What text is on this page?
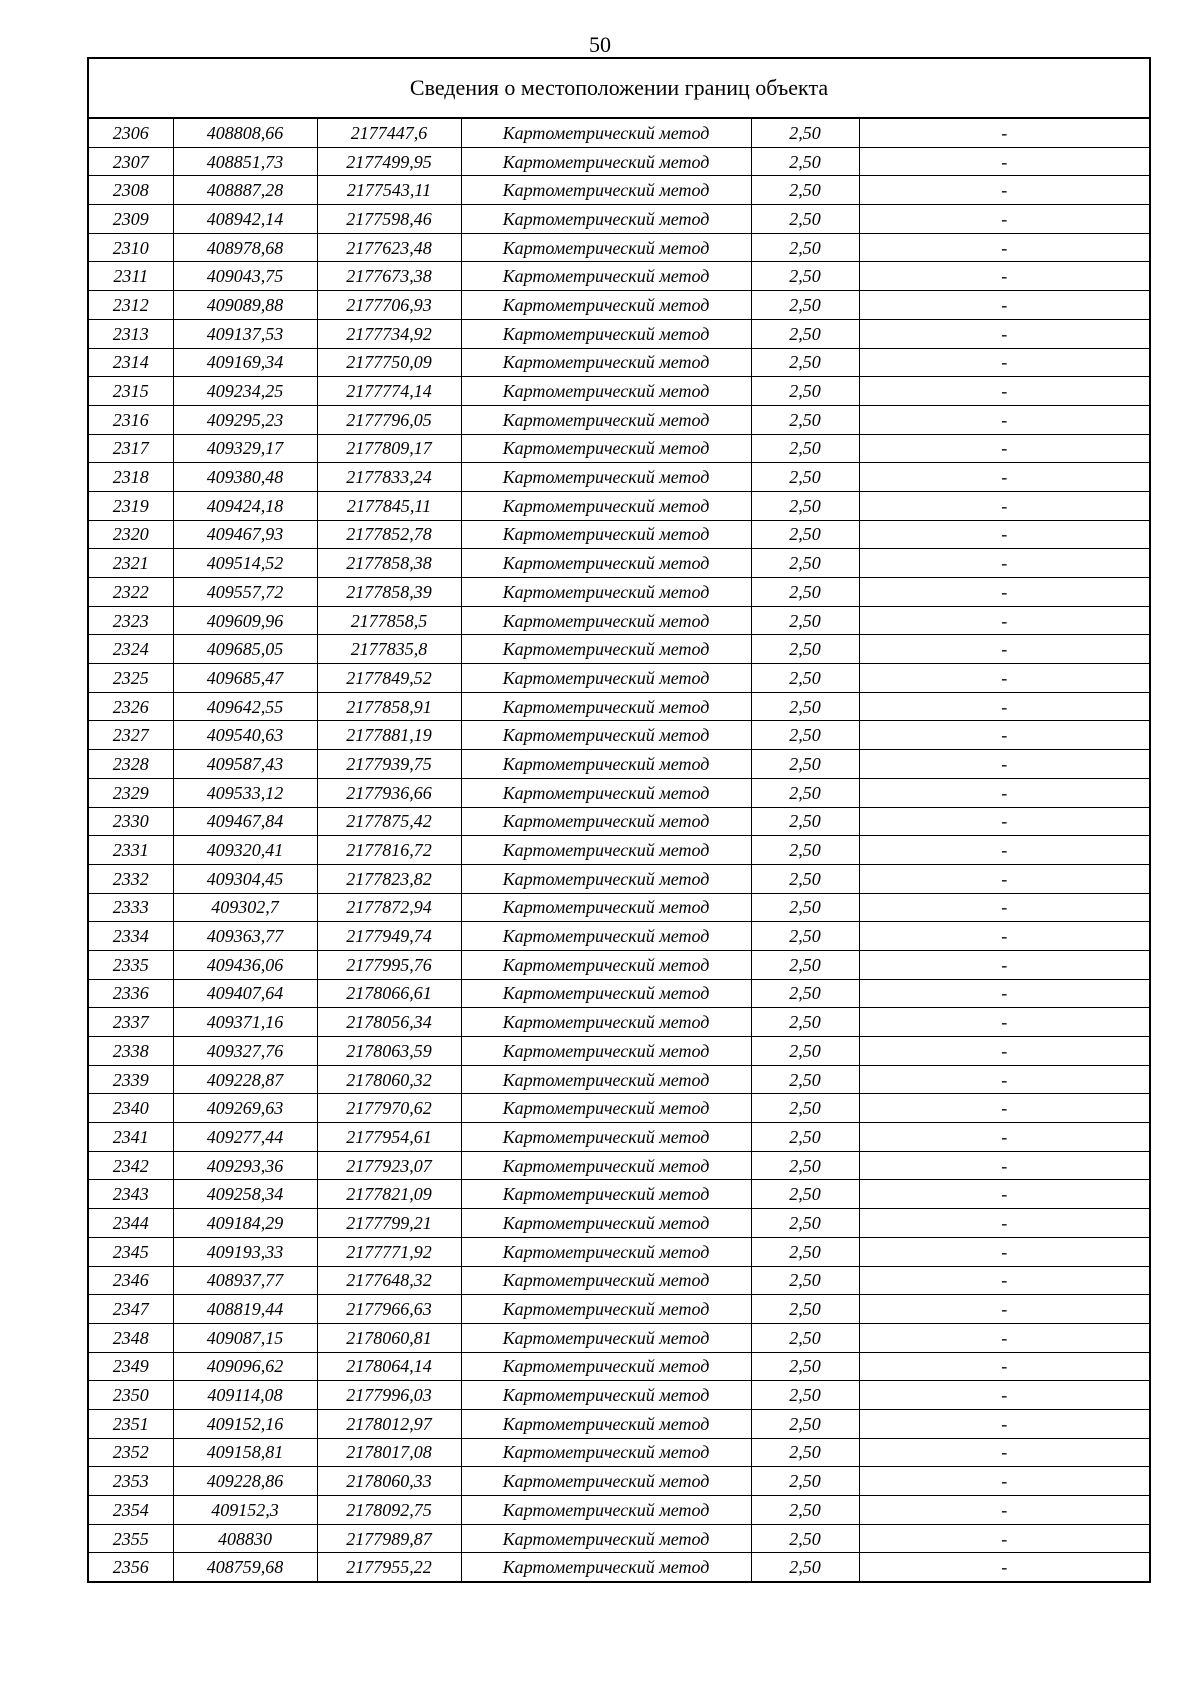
50
Сведения о местоположении границ объекта
2306	408808,66	2177447,6	Картометрический метод	2,50	-
2307	408851,73	2177499,95	Картометрический метод	2,50	-
2308	408887,28	2177543,11	Картометрический метод	2,50	-
2309	408942,14	2177598,46	Картометрический метод	2,50	-
2310	408978,68	2177623,48	Картометрический метод	2,50	-
2311	409043,75	2177673,38	Картометрический метод	2,50	-
2312	409089,88	2177706,93	Картометрический метод	2,50	-
2313	409137,53	2177734,92	Картометрический метод	2,50	-
2314	409169,34	2177750,09	Картометрический метод	2,50	-
2315	409234,25	2177774,14	Картометрический метод	2,50	-
2316	409295,23	2177796,05	Картометрический метод	2,50	-
2317	409329,17	2177809,17	Картометрический метод	2,50	-
2318	409380,48	2177833,24	Картометрический метод	2,50	-
2319	409424,18	2177845,11	Картометрический метод	2,50	-
2320	409467,93	2177852,78	Картометрический метод	2,50	-
2321	409514,52	2177858,38	Картометрический метод	2,50	-
2322	409557,72	2177858,39	Картометрический метод	2,50	-
2323	409609,96	2177858,5	Картометрический метод	2,50	-
2324	409685,05	2177835,8	Картометрический метод	2,50	-
2325	409685,47	2177849,52	Картометрический метод	2,50	-
2326	409642,55	2177858,91	Картометрический метод	2,50	-
2327	409540,63	2177881,19	Картометрический метод	2,50	-
2328	409587,43	2177939,75	Картометрический метод	2,50	-
2329	409533,12	2177936,66	Картометрический метод	2,50	-
2330	409467,84	2177875,42	Картометрический метод	2,50	-
2331	409320,41	2177816,72	Картометрический метод	2,50	-
2332	409304,45	2177823,82	Картометрический метод	2,50	-
2333	409302,7	2177872,94	Картометрический метод	2,50	-
2334	409363,77	2177949,74	Картометрический метод	2,50	-
2335	409436,06	2177995,76	Картометрический метод	2,50	-
2336	409407,64	2178066,61	Картометрический метод	2,50	-
2337	409371,16	2178056,34	Картометрический метод	2,50	-
2338	409327,76	2178063,59	Картометрический метод	2,50	-
2339	409228,87	2178060,32	Картометрический метод	2,50	-
2340	409269,63	2177970,62	Картометрический метод	2,50	-
2341	409277,44	2177954,61	Картометрический метод	2,50	-
2342	409293,36	2177923,07	Картометрический метод	2,50	-
2343	409258,34	2177821,09	Картометрический метод	2,50	-
2344	409184,29	2177799,21	Картометрический метод	2,50	-
2345	409193,33	2177771,92	Картометрический метод	2,50	-
2346	408937,77	2177648,32	Картометрический метод	2,50	-
2347	408819,44	2177966,63	Картометрический метод	2,50	-
2348	409087,15	2178060,81	Картометрический метод	2,50	-
2349	409096,62	2178064,14	Картометрический метод	2,50	-
2350	409114,08	2177996,03	Картометрический метод	2,50	-
2351	409152,16	2178012,97	Картометрический метод	2,50	-
2352	409158,81	2178017,08	Картометрический метод	2,50	-
2353	409228,86	2178060,33	Картометрический метод	2,50	-
2354	409152,3	2178092,75	Картометрический метод	2,50	-
2355	408830	2177989,87	Картометрический метод	2,50	-
2356	408759,68	2177955,22	Картометрический метод	2,50	-
